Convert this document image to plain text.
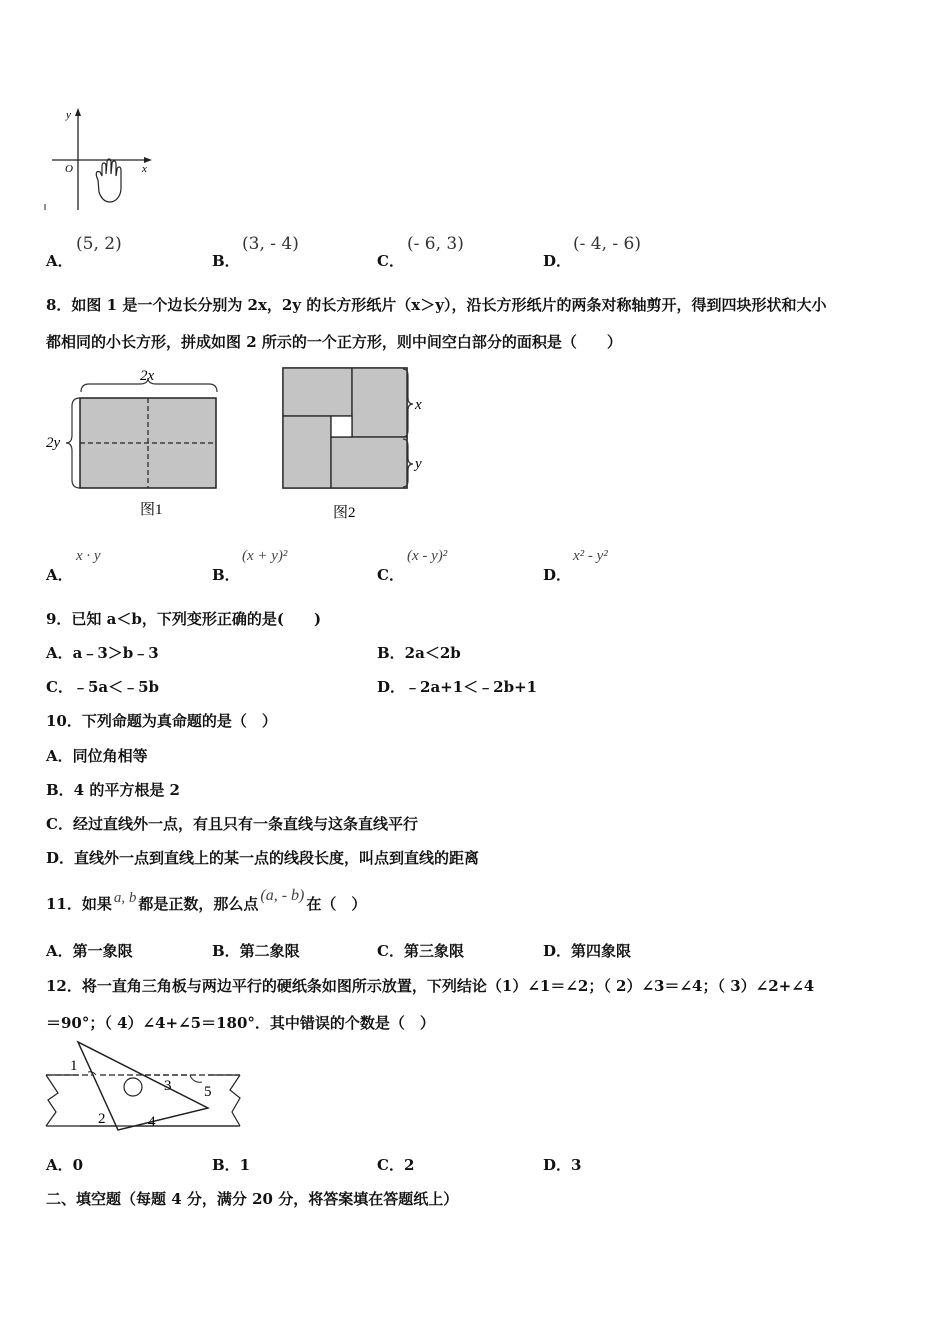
y
x
O
A．
(5, 2)
B．
(3, - 4)
C．
(- 6, 3)
D．
(- 4, - 6)
8．如图 1 是一个边长分别为 2x，2y 的长方形纸片（x＞y），沿长方形纸片的两条对称轴剪开，得到四块形状和大小
都相同的小长方形，拼成如图 2 所示的一个正方形，则中间空白部分的面积是（　　）
2x
2y
图1
x
y
图2
A．
x · y
B．
(x + y)²
C．
(x - y)²
D．
x² - y²
9．已知 a＜b，下列变形正确的是(　　)
A．a﹣3＞b﹣3	B．2a＜2b
C．﹣5a＜﹣5b	D．﹣2a+1＜﹣2b+1
10．下列命题为真命题的是（　）
A．同位角相等
B．4 的平方根是 2
C．经过直线外一点，有且只有一条直线与这条直线平行
D．直线外一点到直线上的某一点的线段长度，叫点到直线的距离
11．如果 a, b 都是正数，那么点 (a, - b) 在（　）
A．第一象限	B．第二象限	C．第三象限	D．第四象限
12．将一直角三角板与两边平行的硬纸条如图所示放置，下列结论（1）∠1＝∠2；（ 2）∠3＝∠4；（ 3）∠2+∠4
＝90°；（ 4）∠4+∠5＝180°．其中错误的个数是（　）
1
2
3
4
5
A．0	B．1	C．2	D．3
二、填空题（每题 4 分，满分 20 分，将答案填在答题纸上）
